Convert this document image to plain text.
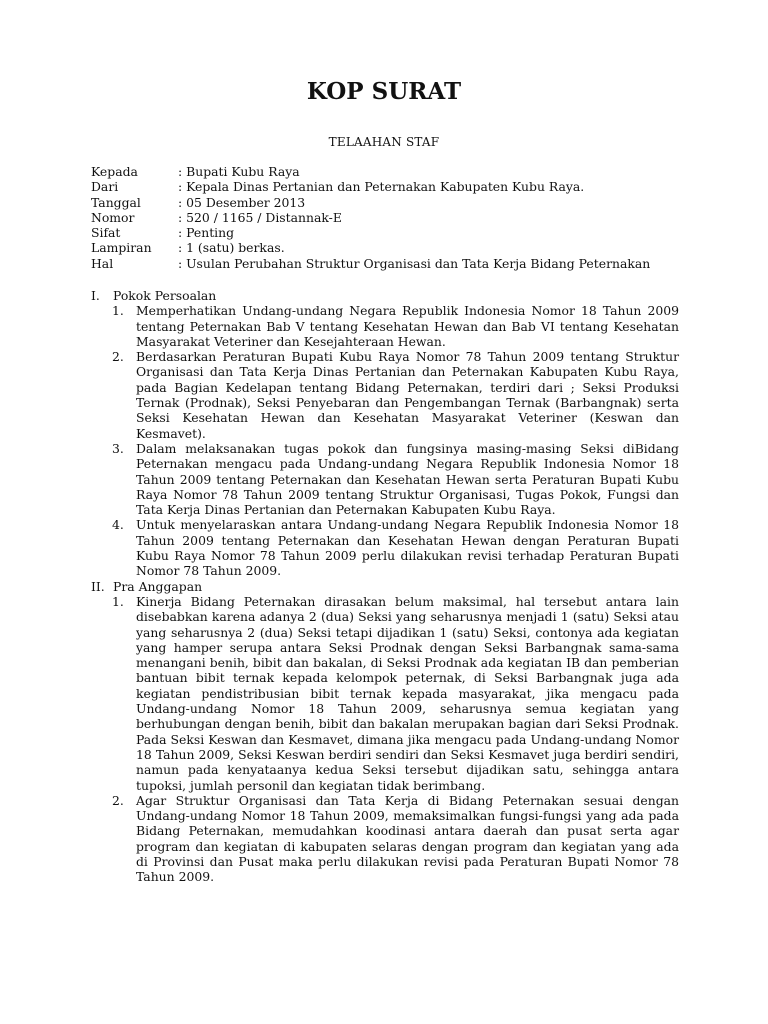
KOP SURAT
TELAAHAN STAF
Kepada	: Bupati Kubu Raya
Dari	: Kepala Dinas Pertanian dan Peternakan Kabupaten Kubu Raya.
Tanggal	: 05 Desember 2013
Nomor	: 520 / 1165 / Distannak-E
Sifat	: Penting
Lampiran	: 1 (satu) berkas.
Hal	: Usulan Perubahan Struktur Organisasi dan Tata Kerja Bidang Peternakan
I.	Pokok Persoalan
1. Memperhatikan Undang-undang Negara Republik Indonesia Nomor 18 Tahun 2009 tentang Peternakan Bab V tentang Kesehatan Hewan dan Bab VI tentang Kesehatan Masyarakat Veteriner dan Kesejahteraan Hewan.
2. Berdasarkan Peraturan Bupati Kubu Raya Nomor 78 Tahun 2009 tentang Struktur Organisasi dan Tata Kerja Dinas Pertanian dan Peternakan Kabupaten Kubu Raya, pada Bagian Kedelapan tentang Bidang Peternakan, terdiri dari ; Seksi Produksi Ternak (Prodnak), Seksi Penyebaran dan Pengembangan Ternak (Barbangnak) serta Seksi Kesehatan Hewan dan Kesehatan Masyarakat Veteriner (Keswan dan Kesmavet).
3. Dalam melaksanakan tugas pokok dan fungsinya masing-masing Seksi diBidang Peternakan mengacu pada Undang-undang Negara Republik Indonesia Nomor 18 Tahun 2009 tentang Peternakan dan Kesehatan Hewan serta Peraturan Bupati Kubu Raya Nomor 78 Tahun 2009 tentang Struktur Organisasi, Tugas Pokok, Fungsi dan Tata Kerja Dinas Pertanian dan Peternakan Kabupaten Kubu Raya.
4. Untuk menyelaraskan antara Undang-undang Negara Republik Indonesia Nomor 18 Tahun 2009 tentang Peternakan dan Kesehatan Hewan dengan Peraturan Bupati Kubu Raya Nomor 78 Tahun 2009 perlu dilakukan revisi terhadap Peraturan Bupati Nomor 78 Tahun 2009.
II. Pra Anggapan
1. Kinerja Bidang Peternakan dirasakan belum maksimal, hal tersebut antara lain disebabkan karena adanya 2 (dua) Seksi yang seharusnya menjadi 1 (satu) Seksi atau yang seharusnya 2 (dua) Seksi tetapi dijadikan 1 (satu) Seksi, contonya ada kegiatan yang hamper serupa antara Seksi Prodnak dengan Seksi Barbangnak sama-sama menangani benih, bibit dan bakalan, di Seksi Prodnak ada kegiatan IB dan pemberian bantuan bibit ternak kepada kelompok peternak, di Seksi Barbangnak juga ada kegiatan pendistribusian bibit ternak kepada masyarakat, jika mengacu pada Undang-undang Nomor 18 Tahun 2009, seharusnya semua kegiatan yang berhubungan dengan benih, bibit dan bakalan merupakan bagian dari Seksi Prodnak. Pada Seksi Keswan dan Kesmavet, dimana jika mengacu pada Undang-undang Nomor 18 Tahun 2009, Seksi Keswan berdiri sendiri dan Seksi Kesmavet juga berdiri sendiri, namun pada kenyataanya kedua Seksi tersebut dijadikan satu, sehingga antara tupoksi, jumlah personil dan kegiatan tidak berimbang.
2. Agar Struktur Organisasi dan Tata Kerja di Bidang Peternakan sesuai dengan Undang-undang Nomor 18 Tahun 2009, memaksimalkan fungsi-fungsi yang ada pada Bidang Peternakan, memudahkan koodinasi antara daerah dan pusat serta agar program dan kegiatan di kabupaten selaras dengan program dan kegiatan yang ada di Provinsi dan Pusat maka perlu dilakukan revisi pada Peraturan Bupati Nomor 78 Tahun 2009.
